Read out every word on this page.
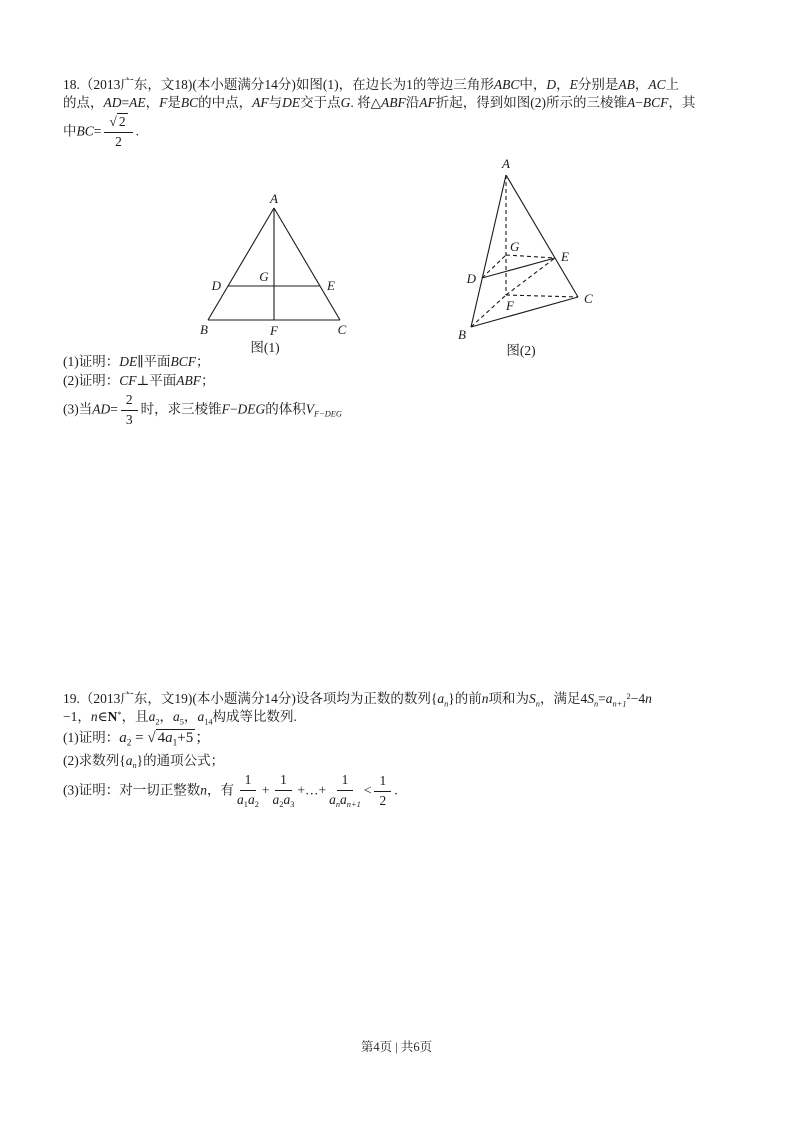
18.（2013广东，文18)(本小题满分14分)如图(1)，在边长为1的等边三角形ABC中，D，E分别是AB，AC上
的点，AD=AE，F是BC的中点，AF与DE交于点G. 将△ABF沿AF折起，得到如图(2)所示的三棱锥A−BCF，其
中$BC= \frac{√ 2}{2}$ .
A
B	C
D	E
F
G
图(1)
A
B
C
D
E
F
G
图(2)
(1)证明：DE∥平面BCF；
(2)证明：CF⊥平面ABF；
(3)当$AD= \frac{2}{3}$ 时，求三棱锥F−DEG的体积$V_{F-DEG}$
19.（2013广东，文19)(本小题满分14分)设各项均为正数的数列$\{a_n\}$的前n项和为$S_n$，满足$4S_n=a_{n+1}^2-4n$
−1，n∈N*，且$a_2$，$a_5$，$a_{14}$构成等比数列.
(1)证明：$a_2$ = √ $4a_1+5$ ；
(2)求数列$\{a_n\}$的通项公式；
(3)证明：对一切正整数n，有 $\frac{1}{a_1a_2} + \frac{1}{a_2a_3}$ +…+ $\frac{1}{a_na_{n+1}} < \frac{1}{2}$ .
第4页 | 共6页
